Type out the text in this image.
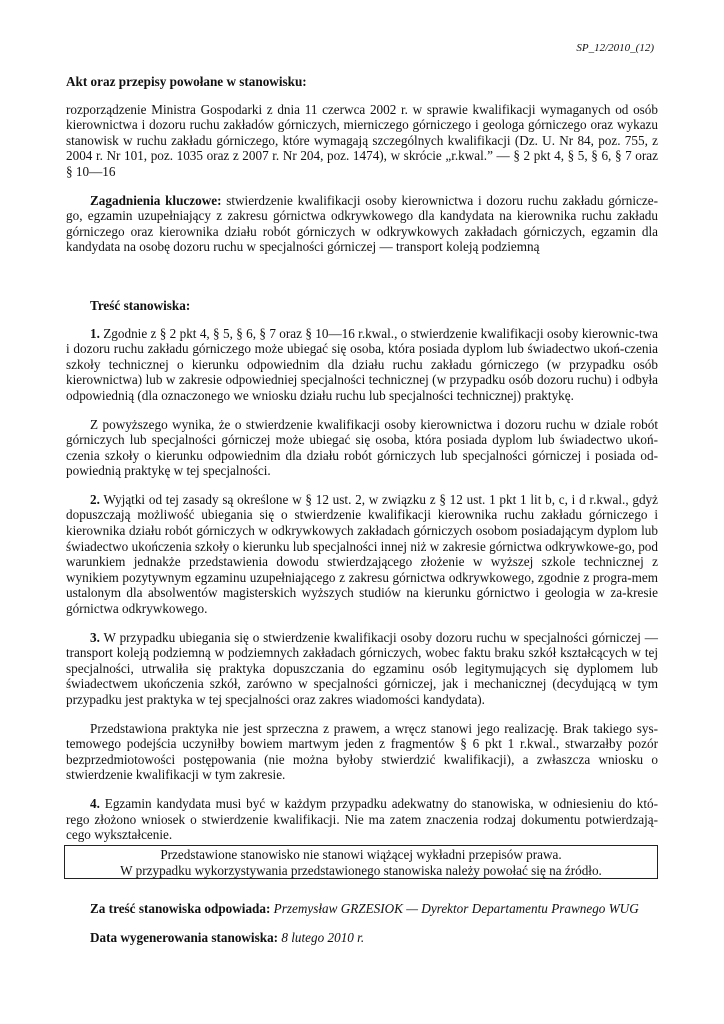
SP_12/2010_(12)

Akt oraz przepisy powołane w stanowisku:

rozporządzenie Ministra Gospodarki z dnia 11 czerwca 2002 r. w sprawie kwalifikacji wymaganych od osób kierownictwa i dozoru ruchu zakładów górniczych, mierniczego górniczego i geologa górniczego oraz wykazu stanowisk w ruchu zakładu górniczego, które wymagają szczególnych kwalifikacji (Dz. U. Nr 84, poz. 755, z 2004 r. Nr 101, poz. 1035 oraz z 2007 r. Nr 204, poz. 1474), w skrócie „r.kwal.” — § 2 pkt 4, § 5, § 6, § 7 oraz § 10—16

Zagadnienia kluczowe: stwierdzenie kwalifikacji osoby kierownictwa i dozoru ruchu zakładu górnicze-go, egzamin uzupełniający z zakresu górnictwa odkrywkowego dla kandydata na kierownika ruchu zakładu górniczego oraz kierownika działu robót górniczych w odkrywkowych zakładach górniczych, egzamin dla kandydata na osobę dozoru ruchu w specjalności górniczej — transport koleją podziemną

Treść stanowiska:

1. Zgodnie z § 2 pkt 4, § 5, § 6, § 7 oraz § 10—16 r.kwal., o stwierdzenie kwalifikacji osoby kierownic-twa i dozoru ruchu zakładu górniczego może ubiegać się osoba, która posiada dyplom lub świadectwo ukoń-czenia szkoły technicznej o kierunku odpowiednim dla działu ruchu zakładu górniczego (w przypadku osób kierownictwa) lub w zakresie odpowiedniej specjalności technicznej (w przypadku osób dozoru ruchu) i odbyła odpowiednią (dla oznaczonego we wniosku działu ruchu lub specjalności technicznej) praktykę.

Z powyższego wynika, że o stwierdzenie kwalifikacji osoby kierownictwa i dozoru ruchu w dziale robót górniczych lub specjalności górniczej może ubiegać się osoba, która posiada dyplom lub świadectwo ukoń-czenia szkoły o kierunku odpowiednim dla działu robót górniczych lub specjalności górniczej i posiada od-powiednią praktykę w tej specjalności.

2. Wyjątki od tej zasady są określone w § 12 ust. 2, w związku z § 12 ust. 1 pkt 1 lit b, c, i d r.kwal., gdyż dopuszczają możliwość ubiegania się o stwierdzenie kwalifikacji kierownika ruchu zakładu górniczego i kierownika działu robót górniczych w odkrywkowych zakładach górniczych osobom posiadającym dyplom lub świadectwo ukończenia szkoły o kierunku lub specjalności innej niż w zakresie górnictwa odkrywkowe-go, pod warunkiem jednakże przedstawienia dowodu stwierdzającego złożenie w wyższej szkole technicznej z wynikiem pozytywnym egzaminu uzupełniającego z zakresu górnictwa odkrywkowego, zgodnie z progra-mem ustalonym dla absolwentów magisterskich wyższych studiów na kierunku górnictwo i geologia w za-kresie górnictwa odkrywkowego.

3. W przypadku ubiegania się o stwierdzenie kwalifikacji osoby dozoru ruchu w specjalności górniczej — transport koleją podziemną w podziemnych zakładach górniczych, wobec faktu braku szkół kształcących w tej specjalności, utrwaliła się praktyka dopuszczania do egzaminu osób legitymujących się dyplomem lub świadectwem ukończenia szkół, zarówno w specjalności górniczej, jak i mechanicznej (decydującą w tym przypadku jest praktyka w tej specjalności oraz zakres wiadomości kandydata).

Przedstawiona praktyka nie jest sprzeczna z prawem, a wręcz stanowi jego realizację. Brak takiego sys-temowego podejścia uczyniłby bowiem martwym jeden z fragmentów § 6 pkt 1 r.kwal., stwarzałby pozór bezprzedmiotowości postępowania (nie można byłoby stwierdzić kwalifikacji), a zwłaszcza wniosku o stwierdzenie kwalifikacji w tym zakresie.

4. Egzamin kandydata musi być w każdym przypadku adekwatny do stanowiska, w odniesieniu do któ-rego złożono wniosek o stwierdzenie kwalifikacji. Nie ma zatem znaczenia rodzaj dokumentu potwierdzają-cego wykształcenie.

Przedstawione stanowisko nie stanowi wiążącej wykładni przepisów prawa.
W przypadku wykorzystywania przedstawionego stanowiska należy powołać się na źródło.
Za treść stanowiska odpowiada: Przemysław GRZESIOK — Dyrektor Departamentu Prawnego WUG
Data wygenerowania stanowiska: 8 lutego 2010 r.
